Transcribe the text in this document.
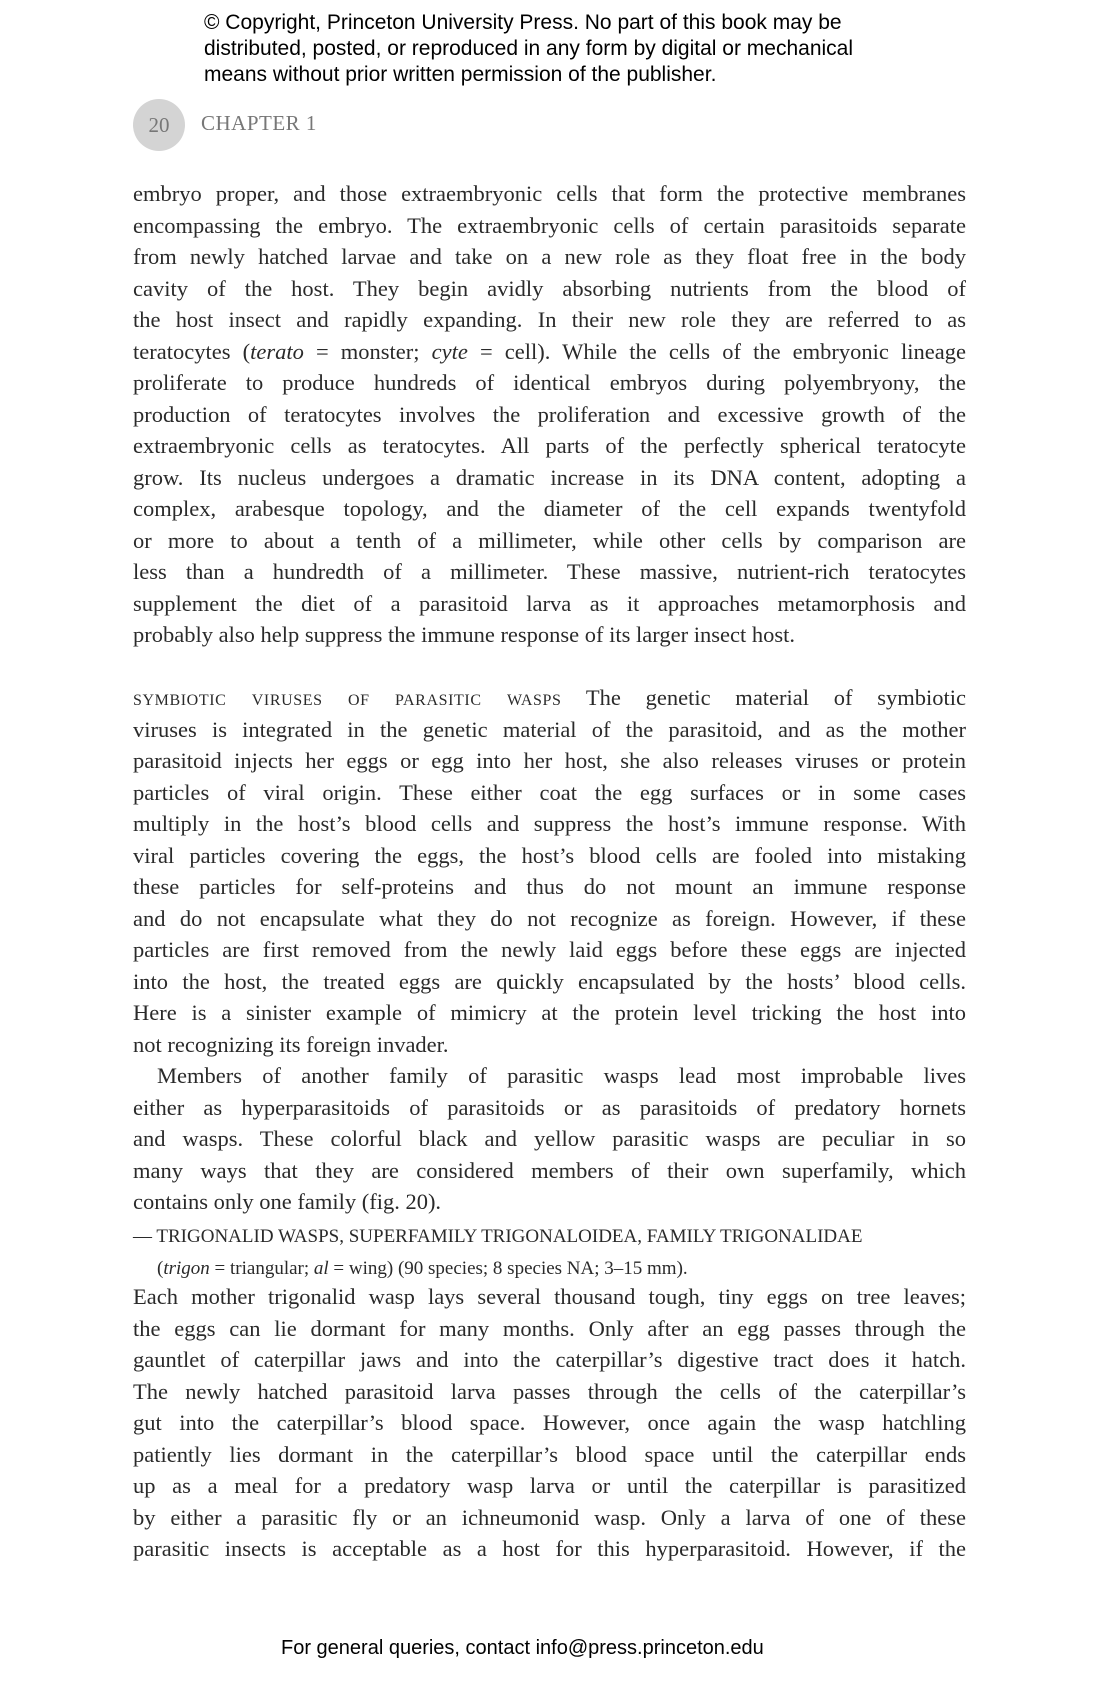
© Copyright, Princeton University Press. No part of this book may be
distributed, posted, or reproduced in any form by digital or mechanical
means without prior written permission of the publisher.
20	CHAPTER 1
embryo proper, and those extraembryonic cells that form the protective membranes
encompassing the embryo. The extraembryonic cells of certain parasitoids separate
from newly hatched larvae and take on a new role as they float free in the body
cavity of the host. They begin avidly absorbing nutrients from the blood of
the host insect and rapidly expanding. In their new role they are referred to as
teratocytes (terato = monster; cyte = cell). While the cells of the embryonic lineage
proliferate to produce hundreds of identical embryos during polyembryony, the
production of teratocytes involves the proliferation and excessive growth of the
extraembryonic cells as teratocytes. All parts of the perfectly spherical teratocyte
grow. Its nucleus undergoes a dramatic increase in its DNA content, adopting a
complex, arabesque topology, and the diameter of the cell expands twentyfold
or more to about a tenth of a millimeter, while other cells by comparison are
less than a hundredth of a millimeter. These massive, nutrient-rich teratocytes
supplement the diet of a parasitoid larva as it approaches metamorphosis and
probably also help suppress the immune response of its larger insect host.
symbiotic viruses of parasitic wasps The genetic material of symbiotic
viruses is integrated in the genetic material of the parasitoid, and as the mother
parasitoid injects her eggs or egg into her host, she also releases viruses or protein
particles of viral origin. These either coat the egg surfaces or in some cases
multiply in the host’s blood cells and suppress the host’s immune response. With
viral particles covering the eggs, the host’s blood cells are fooled into mistaking
these particles for self-proteins and thus do not mount an immune response
and do not encapsulate what they do not recognize as foreign. However, if these
particles are first removed from the newly laid eggs before these eggs are injected
into the host, the treated eggs are quickly encapsulated by the hosts’ blood cells.
Here is a sinister example of mimicry at the protein level tricking the host into
not recognizing its foreign invader.
Members of another family of parasitic wasps lead most improbable lives
either as hyperparasitoids of parasitoids or as parasitoids of predatory hornets
and wasps. These colorful black and yellow parasitic wasps are peculiar in so
many ways that they are considered members of their own superfamily, which
contains only one family (fig. 20).
— TRIGONALID WASPS, SUPERFAMILY TRIGONALOIDEA, FAMILY TRIGONALIDAE
(trigon = triangular; al = wing) (90 species; 8 species NA; 3–15 mm).
Each mother trigonalid wasp lays several thousand tough, tiny eggs on tree leaves;
the eggs can lie dormant for many months. Only after an egg passes through the
gauntlet of caterpillar jaws and into the caterpillar’s digestive tract does it hatch.
The newly hatched parasitoid larva passes through the cells of the caterpillar’s
gut into the caterpillar’s blood space. However, once again the wasp hatchling
patiently lies dormant in the caterpillar’s blood space until the caterpillar ends
up as a meal for a predatory wasp larva or until the caterpillar is parasitized
by either a parasitic fly or an ichneumonid wasp. Only a larva of one of these
parasitic insects is acceptable as a host for this hyperparasitoid. However, if the
For general queries, contact info@press.princeton.edu
